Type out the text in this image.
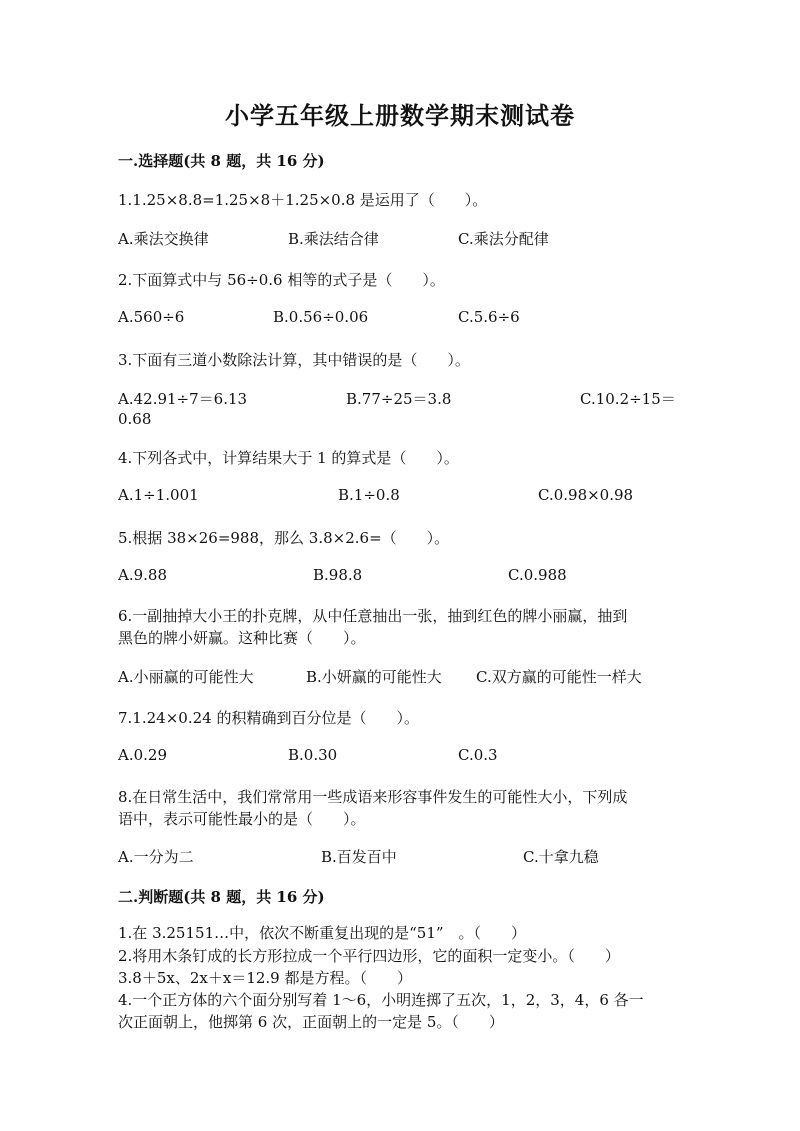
小学五年级上册数学期末测试卷
一.选择题(共 8 题，共 16 分)
1.1.25×8.8=1.25×8＋1.25×0.8 是运用了（　　）。
A.乘法交换律	B.乘法结合律	C.乘法分配律
2.下面算式中与 56÷0.6 相等的式子是（　　）。
A.560÷6	B.0.56÷0.06	C.5.6÷6
3.下面有三道小数除法计算，其中错误的是（　　）。
A.42.91÷7＝6.13	B.77÷25＝3.8	C.10.2÷15＝
0.68
4.下列各式中，计算结果大于 1 的算式是（　　）。
A.1÷1.001	B.1÷0.8	C.0.98×0.98
5.根据 38×26=988，那么 3.8×2.6=（　　）。
A.9.88	B.98.8	C.0.988
6.一副抽掉大小王的扑克牌，从中任意抽出一张，抽到红色的牌小丽赢，抽到
黑色的牌小妍赢。这种比赛（　　）。
A.小丽赢的可能性大	B.小妍赢的可能性大 C.双方赢的可能性一样大
7.1.24×0.24 的积精确到百分位是（　　）。
A.0.29	B.0.30	C.0.3
8.在日常生活中，我们常常用一些成语来形容事件发生的可能性大小，下列成
语中，表示可能性最小的是（　　）。
A.一分为二	B.百发百中	C.十拿九稳
二.判断题(共 8 题，共 16 分)
1.在 3.25151…中，依次不断重复出现的是“51”　。（　　）
2.将用木条钉成的长方形拉成一个平行四边形，它的面积一定变小。（　　）
3.8＋5x、2x＋x＝12.9 都是方程。（　　）
4.一个正方体的六个面分别写着 1～6，小明连掷了五次，1，2，3，4，6 各一
次正面朝上，他掷第 6 次，正面朝上的一定是 5。（　　）
